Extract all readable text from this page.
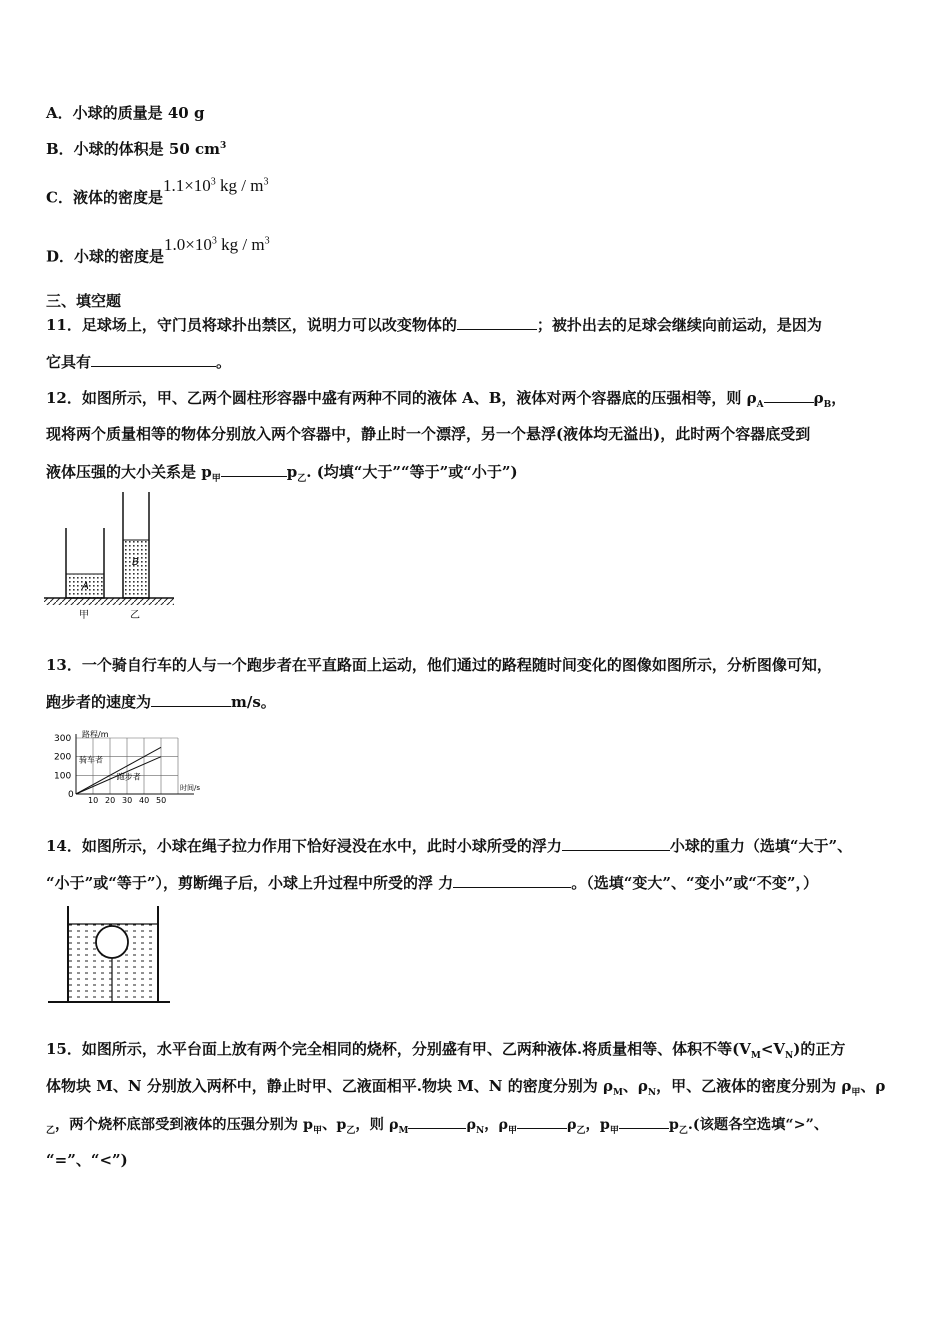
A．小球的质量是 40 g
B．小球的体积是 50 $cm^3$
C．液体的密度是$1.1\times 10^3$ kg / $m^3$
D．小球的密度是$1.0\times 10^3$ kg / $m^3$
三、填空题
11．足球场上，守门员将球扑出禁区，说明力可以改变物体的	；被扑出去的足球会继续向前运动，是因为
它具有	。
12．如图所示，甲、乙两个圆柱形容器中盛有两种不同的液体 A、B，液体对两个容器底的压强相等，则 $\rho_A$	$\rho_B$，
现将两个质量相等的物体分别放入两个容器中，静止时一个漂浮，另一个悬浮(液体均无溢出)，此时两个容器底受到
液体压强的大小关系是 $p_甲$	$p_乙$. (均填“大于”“等于”或“小于”)
A
B
甲	乙
13．一个骑自行车的人与一个跑步者在平直路面上运动，他们通过的路程随时间变化的图像如图所示，分析图像可知，
跑步者的速度为	m/s。
0
10 20 30 40 50
100
200
300 路程/m
时间/s
骑车者
跑步者
14．如图所示，小球在绳子拉力作用下恰好浸没在水中，此时小球所受的浮力	小球的重力（选填“大于”、
“小于”或“等于”），剪断绳子后，小球上升过程中所受的浮 力	。（选填“变大”、“变小”或“不变”，）
15．如图所示，水平台面上放有两个完全相同的烧杯，分别盛有甲、乙两种液体.将质量相等、体积不等$(V_M<V_N)$的正方
体物块 M、N 分别放入两杯中，静止时甲、乙液面相平.物块 M、N 的密度分别为 $\rho_M$、$\rho_N$，甲、乙液体的密度分别为 $\rho_甲$、ρ
$_乙$，两个烧杯底部受到液体的压强分别为 $p_甲$、$p_乙$，则 $\rho_M$	$\rho_N$，$\rho_甲$	$\rho_乙$，$p_甲$	$p_乙$.(该题各空选填“>”、
“=”、“<”)
